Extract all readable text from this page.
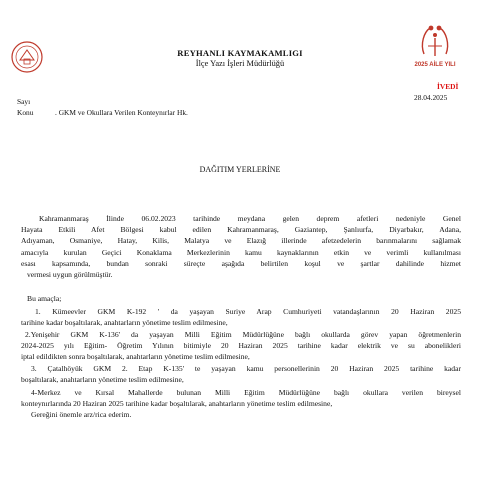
2025 AİLE YILI
REYHANLI KAYMAKAMLIGI
İlçe Yazı İşleri Müdürlüğü
İVEDİ
28.04.2025
Sayı
Konu	. GKM ve Okullara Verilen Konteynırlar Hk.
DAĞITIM YERLERİNE
Kahramanmaraş İlinde 06.02.2023 tarihinde meydana gelen deprem afetleri nedeniyle Genel
Hayata Etkili Afet Bölgesi kabul edilen Kahramanmaraş, Gaziantep, Şanlıurfa, Diyarbakır, Adana,
Adıyaman, Osmaniye, Hatay, Kilis, Malatya ve Elazığ illerinde afetzedelerin barınmalarını sağlamak
amacıyla kurulan Geçici Konaklama Merkezlerinin kamu kaynaklarının etkin ve verimli kullanılması
esası kapsamında, bundan sonraki süreçte aşağıda belirtilen koşul ve şartlar dahilinde hizmet
vermesi uygun görülmüştür.
Bu amaçla;
1. Kümeevler GKM K-192 ' da yaşayan Suriye Arap Cumhuriyeti vatandaşlarının 20 Haziran 2025
tarihine kadar boşaltılarak, anahtarların yönetime teslim edilmesine,
2.Yenişehir GKM K-136' da yaşayan Milli Eğitim Müdürlüğüne bağlı okullarda görev yapan öğretmenlerin
2024-2025 yılı Eğitim- Öğretim Yılının bitimiyle 20 Haziran 2025 tarihine kadar elektrik ve su abonelikleri
iptal edildikten sonra boşaltılarak, anahtarların yönetime teslim edilmesine,
3. Çatalhöyük GKM 2. Etap K-135' te yaşayan kamu personellerinin 20 Haziran 2025 tarihine kadar
boşaltılarak, anahtarların yönetime teslim edilmesine,
4-Merkez ve Kırsal Mahallerde bulunan Milli Eğitim Müdürlüğüne bağlı okullara verilen bireysel
konteynırlarında 20 Haziran 2025 tarihine kadar boşaltılarak, anahtarların yönetime teslim edilmesine,
Gereğini önemle arz/rica ederim.
